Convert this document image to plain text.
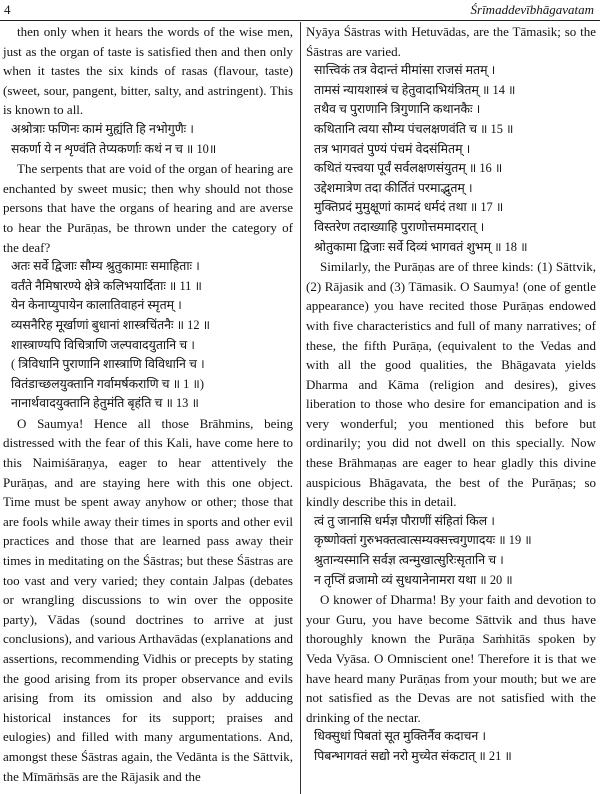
4	Śrīmaddevībhāgavatam

then only when it hears the words of the wise men, just as the organ of taste is satisfied then and then only when it tastes the six kinds of rasas (flavour, taste) (sweet, sour, pangent, bitter, salty, and astringent). This is known to all.

अश्रोत्राः फणिनः कामं मुह्यंति हि नभोगुणैः ।
सकर्णा ये न शृण्वंति तेप्यकर्णाः कथं न च ॥ 10॥

The serpents that are void of the organ of hearing are enchanted by sweet music; then why should not those persons that have the organs of hearing and are averse to hear the Purāṇas, be thrown under the category of the deaf?

अतः सर्वे द्विजाः सौम्य श्रुतुकामाः समाहिताः ।
वर्तंते नैमिषारण्ये क्षेत्रे कलिभयार्दिताः ॥ 11 ॥
येन केनाप्युपायेन कालातिवाहनं स्मृतम् ।
व्यसनैरिह मूर्खाणां बुधानां शास्त्रचिंतनैः ॥ 12 ॥
शास्त्राण्यपि विचित्राणि जल्पवादयुतानि च ।
( त्रिविधानि पुराणानि शास्त्राणि विविधानि च ।
वितंडाच्छलयुक्तानि गर्वामर्षकराणि च ॥ 1 ॥)
नानार्थवादयुक्तानि हेतुमंति बृहंति च ॥ 13 ॥

O Saumya! Hence all those Brāhmins, being distressed with the fear of this Kali, have come here to this Naimiśāraṇya, eager to hear attentively the Purāṇas, and are staying here with this one object. Time must be spent away anyhow or other; those that are fools while away their times in sports and other evil practices and those that are learned pass away their times in meditating on the Śāstras; but these Śāstras are too vast and very varied; they contain Jalpas (debates or wrangling discussions to win over the opposite party), Vādas (sound doctrines to arrive at just conclusions), and various Arthavādas (explanations and assertions, recommending Vidhis or precepts by stating the good arising from its proper observance and evils arising from its omission and also by adducing historical instances for its support; praises and eulogies) and filled with many argumentations. And, amongst these Śāstras again, the Vedānta is the Sāttvik, the Mīmāṁsās are the Rājasik and the

Nyāya Śāstras with Hetuvādas, are the Tāmasik; so the Śāstras are varied.

सात्त्विकं तत्र वेदान्तं मीमांसा राजसं मतम् ।
तामसं न्यायशास्त्रं च हेतुवादाभियंत्रितम् ॥ 14 ॥
तथैव च पुराणानि त्रिगुणानि कथानकैः ।
कथितानि त्वया सौम्य पंचलक्षणवंति च ॥ 15 ॥
तत्र भागवतं पुण्यं पंचमं वेदसंमितम् ।
कथितं यत्त्वया पूर्वं सर्वलक्षणसंयुतम् ॥ 16 ॥
उद्देशमात्रेण तदा कीर्तितं परमाद्भुतम् ।
मुक्तिप्रदं मुमुक्षूणां कामदं धर्मदं तथा ॥ 17 ॥
विस्तरेण तदाख्याहि पुराणोत्तममादरात् ।
श्रोतुकामा द्विजाः सर्वे दिव्यं भागवतं शुभम् ॥ 18 ॥

Similarly, the Purāṇas are of three kinds: (1) Sāttvik, (2) Rājasik and (3) Tāmasik. O Saumya! (one of gentle appearance) you have recited those Purāṇas endowed with five characteristics and full of many narratives; of these, the fifth Purāṇa, (equivalent to the Vedas and with all the good qualities, the Bhāgavata yields Dharma and Kāma (religion and desires), gives liberation to those who desire for emancipation and is very wonderful; you mentioned this before but ordinarily; you did not dwell on this specially. Now these Brāhmaṇas are eager to hear gladly this divine auspicious Bhāgavata, the best of the Purāṇas; so kindly describe this in detail.

त्वं तु जानासि धर्मज्ञ पौराणीं संहितां किल ।
कृष्णोक्तां गुरुभक्तत्वात्सम्यक्सत्त्वगुणादयः ॥ 19 ॥
श्रुतान्यस्मानि सर्वज्ञ त्वन्मुखात्सुरिःसृतानि च ।
न तृप्तिं व्रजामो व्यं सुधयानेनामरा यथा ॥ 20 ॥

O knower of Dharma! By your faith and devotion to your Guru, you have become Sāttvik and thus have thoroughly known the Purāṇa Saṁhitās spoken by Veda Vyāsa. O Omniscient one! Therefore it is that we have heard many Purāṇas from your mouth; but we are not satisfied as the Devas are not satisfied with the drinking of the nectar.

धिक्सुधां पिबतां सूत मुक्तिर्नैव कदाचन ।
पिबन्भागवतं सद्यो नरो मुच्येत संकटात् ॥ 21 ॥
